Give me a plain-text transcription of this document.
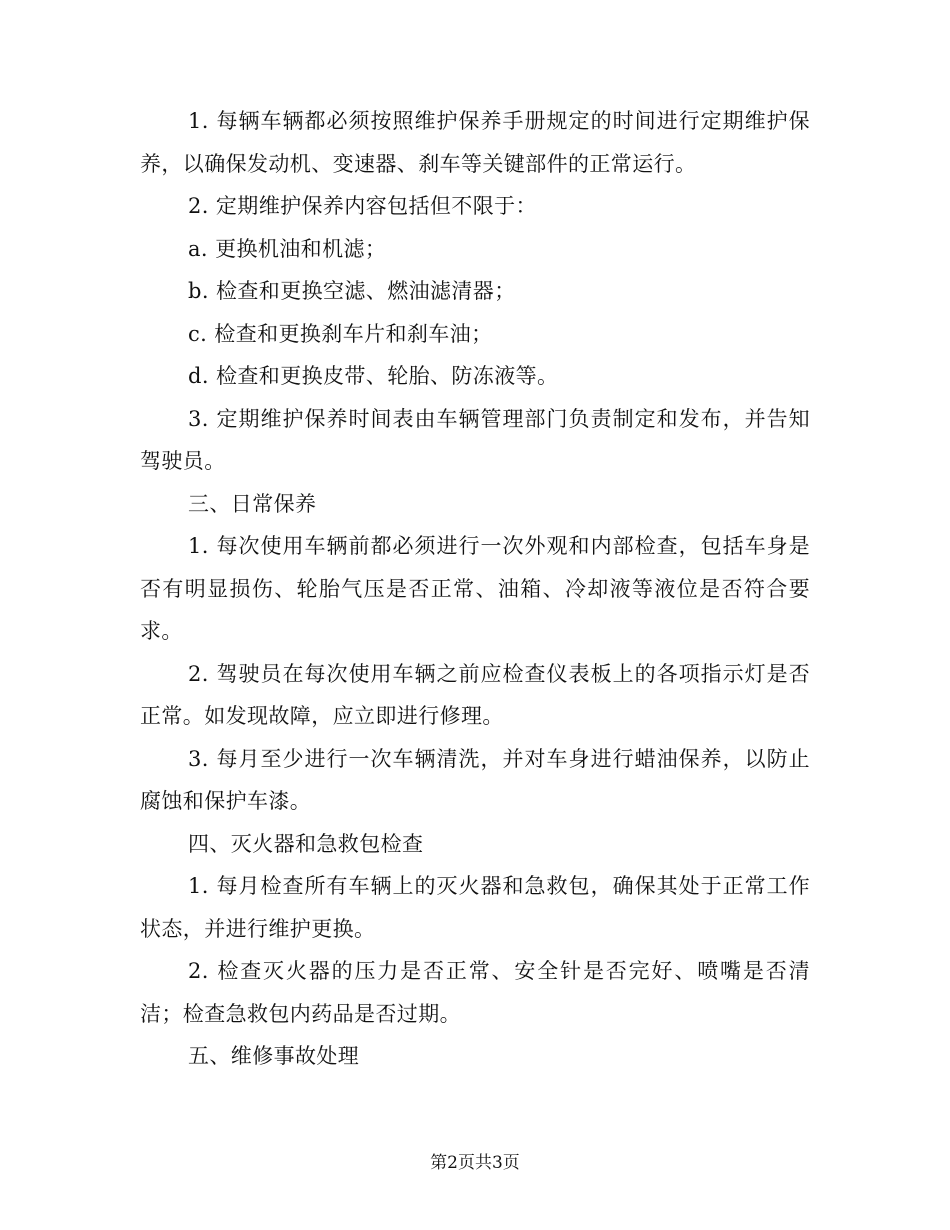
1. 每辆车辆都必须按照维护保养手册规定的时间进行定期维护保养，以确保发动机、变速器、刹车等关键部件的正常运行。

2. 定期维护保养内容包括但不限于：

a. 更换机油和机滤；

b. 检查和更换空滤、燃油滤清器；

c. 检查和更换刹车片和刹车油；

d. 检查和更换皮带、轮胎、防冻液等。

3. 定期维护保养时间表由车辆管理部门负责制定和发布，并告知驾驶员。

三、日常保养

1. 每次使用车辆前都必须进行一次外观和内部检查，包括车身是否有明显损伤、轮胎气压是否正常、油箱、冷却液等液位是否符合要求。

2. 驾驶员在每次使用车辆之前应检查仪表板上的各项指示灯是否正常。如发现故障，应立即进行修理。

3. 每月至少进行一次车辆清洗，并对车身进行蜡油保养，以防止腐蚀和保护车漆。

四、灭火器和急救包检查

1. 每月检查所有车辆上的灭火器和急救包，确保其处于正常工作状态，并进行维护更换。

2. 检查灭火器的压力是否正常、安全针是否完好、喷嘴是否清洁；检查急救包内药品是否过期。

五、维修事故处理

第2页共3页
